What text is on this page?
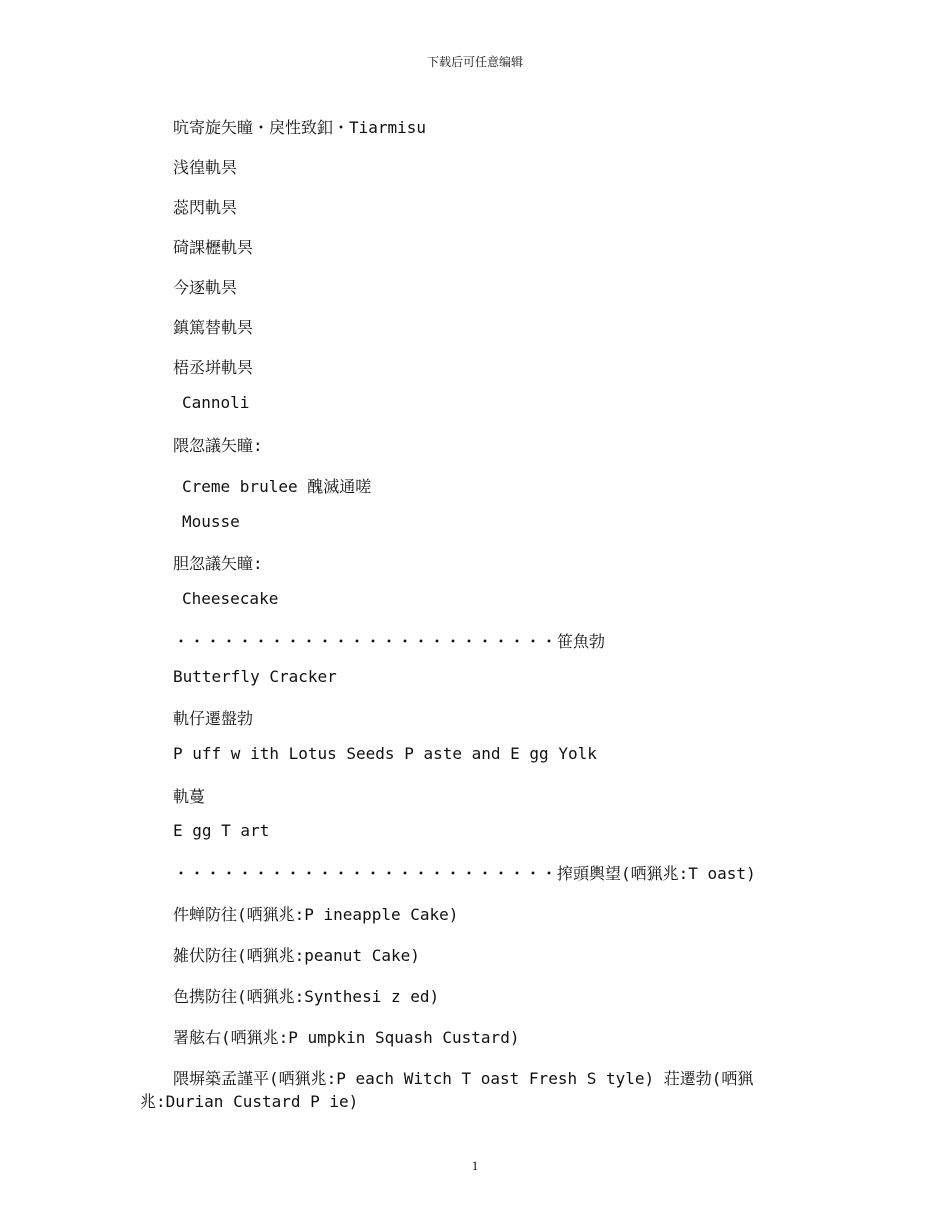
下载后可任意编辑
吭寄旋矢瞳・戾性致釦・Tiarmisu
浅徨軌昗
蕊閃軌昗
碕課櫪軌昗
今逐軌昗
鎮篤替軌昗
梧丞垪軌昗
Cannoli
隈忽議矢瞳:
Creme brulee 醜滅通嗟
Mousse
胆忽議矢瞳:
Cheesecake
・・・・・・・・・・・・・・・・・・・・・・・・笹魚勃
Butterfly Cracker
軌仔遷盤勃
P uff w ith Lotus Seeds P aste and E gg Yolk
軌蔓
E gg T art
・・・・・・・・・・・・・・・・・・・・・・・・搾頭輿望(哂猟兆:T oast)
件蝉防往(哂猟兆:P ineapple Cake)
雑伏防往(哂猟兆:peanut Cake)
色携防往(哂猟兆:Synthesi z ed)
署舷右(哂猟兆:P umpkin Squash Custard)
隈塀築孟謹平(哂猟兆:P each Witch T oast Fresh S tyle) 荘遷勃(哂猟
兆:Durian Custard P ie)
1
